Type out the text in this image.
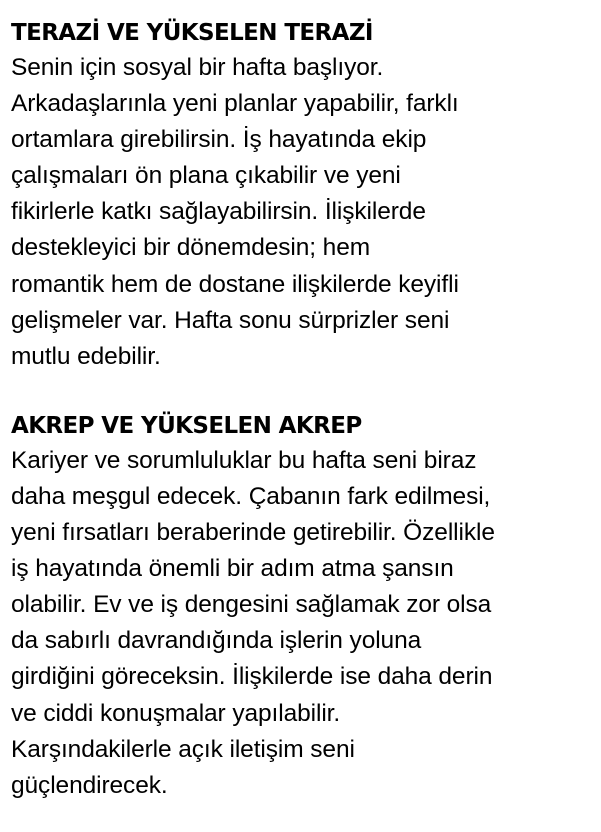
TERAZİ VE YÜKSELEN TERAZİ

Senin için sosyal bir hafta başlıyor.
Arkadaşlarınla yeni planlar yapabilir, farklı
ortamlara girebilirsin. İş hayatında ekip
çalışmaları ön plana çıkabilir ve yeni
fikirlerle katkı sağlayabilirsin. İlişkilerde
destekleyici bir dönemdesin; hem
romantik hem de dostane ilişkilerde keyifli
gelişmeler var. Hafta sonu sürprizler seni
mutlu edebilir.

AKREP VE YÜKSELEN AKREP

Kariyer ve sorumluluklar bu hafta seni biraz
daha meşgul edecek. Çabanın fark edilmesi,
yeni fırsatları beraberinde getirebilir. Özellikle
iş hayatında önemli bir adım atma şansın
olabilir. Ev ve iş dengesini sağlamak zor olsa
da sabırlı davrandığında işlerin yoluna
girdiğini göreceksin. İlişkilerde ise daha derin
ve ciddi konuşmalar yapılabilir.
Karşındakilerle açık iletişim seni
güçlendirecek.
